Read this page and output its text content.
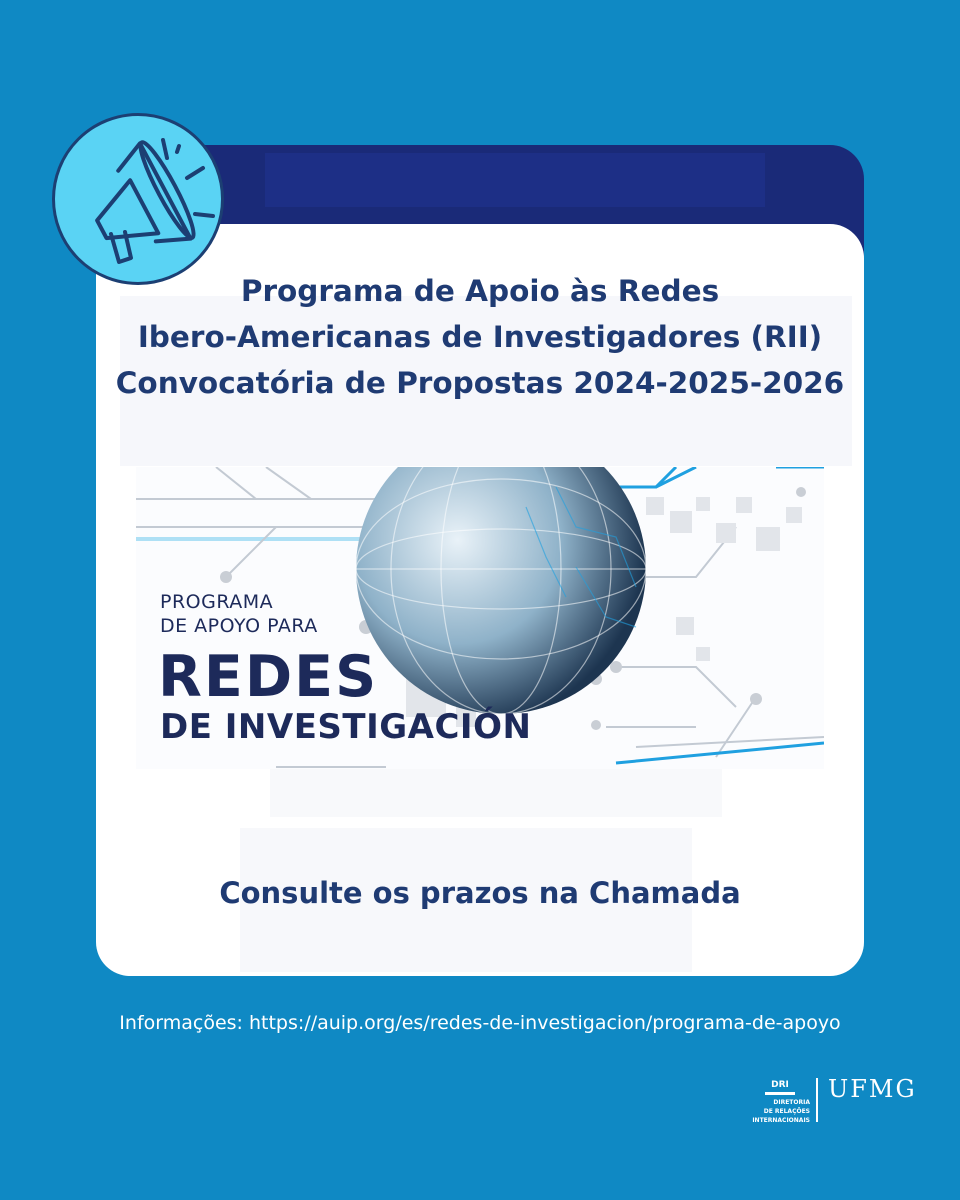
Programa de Apoio às Redes
Ibero-Americanas de Investigadores (RII)
Convocatória de Propostas 2024-2025-2026
PROGRAMA
DE APOYO PARA
REDES
DE INVESTIGACIÓN
Consulte os prazos na Chamada
Informações: https://auip.org/es/redes-de-investigacion/programa-de-apoyo
DRI
DIRETORIA
DE RELAÇÕES
INTERNACIONAIS
UFMG
